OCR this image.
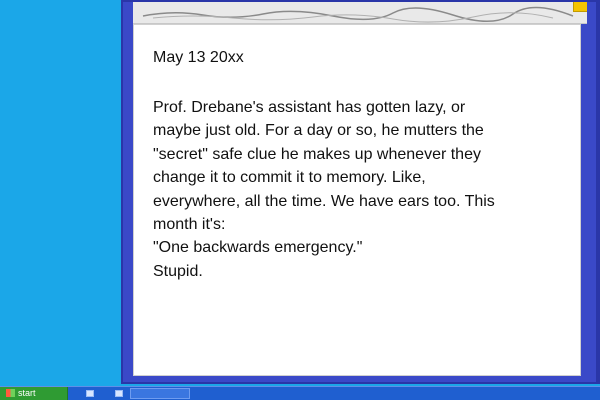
May 13 20xx
Prof. Drebane's assistant has gotten lazy, or
maybe just old. For a day or so, he mutters the
"secret" safe clue he makes up whenever they
change it to commit it to memory. Like,
everywhere, all the time. We have ears too. This
month it's:
"One backwards emergency."
Stupid.
start
